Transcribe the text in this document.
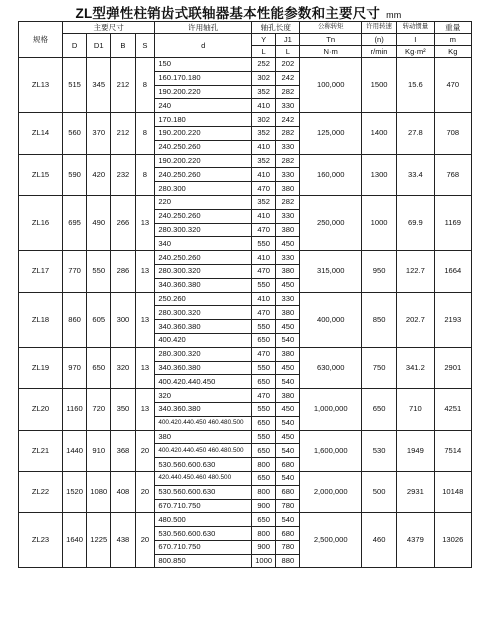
ZL型弹性柱销齿式联轴器基本性能参数和主要尺寸 mm
规格	主要尺寸				许用轴孔	轴孔长度		公称转矩	许用转速	转动惯量	重量
	D	D1	B	S	d	Y	J1	Tn	(n)	I	m
						L	L	N·m	r/min	Kg·m²	Kg
ZL13	515	345	212	8	150	252	202	100,000	1500	15.6	470
					160.170.180	302	242				
					190.200.220	352	282				
					240	410	330				
ZL14	560	370	212	8	170.180	302	242	125,000	1400	27.8	708
					190.200.220	352	282				
					240.250.260	410	330				
ZL15	590	420	232	8	190.200.220	352	282	160,000	1300	33.4	768
					240.250.260	410	330				
					280.300	470	380				
ZL16	695	490	266	13	220	352	282	250,000	1000	69.9	1169
					240.250.260	410	330				
					280.300.320	470	380				
					340	550	450				
ZL17	770	550	286	13	240.250.260	410	330	315,000	950	122.7	1664
					280.300.320	470	380				
					340.360.380	550	450				
ZL18	860	605	300	13	250.260	410	330	400,000	850	202.7	2193
					280.300.320	470	380				
					340.360.380	550	450				
					400.420	650	540				
ZL19	970	650	320	13	280.300.320	470	380	630,000	750	341.2	2901
					340.360.380	550	450				
					400.420.440.450	650	540				
ZL20	1160	720	350	13	320	470	380	1,000,000	650	710	4251
					340.360.380	550	450				
					400.420.440.450 460.480.500	650	540				
ZL21	1440	910	368	20	380	550	450	1,600,000	530	1949	7514
					400.420.440.450 460.480.500	650	540				
					530.560.600.630	800	680				
ZL22	1520	1080	408	20	420.440.450.460 480.500	650	540	2,000,000	500	2931	10148
					530.560.600.630	800	680				
					670.710.750	900	780				
ZL23	1640	1225	438	20	480.500	650	540	2,500,000	460	4379	13026
					530.560.600.630	800	680				
					670.710.750	900	780				
					800.850	1000	880				
